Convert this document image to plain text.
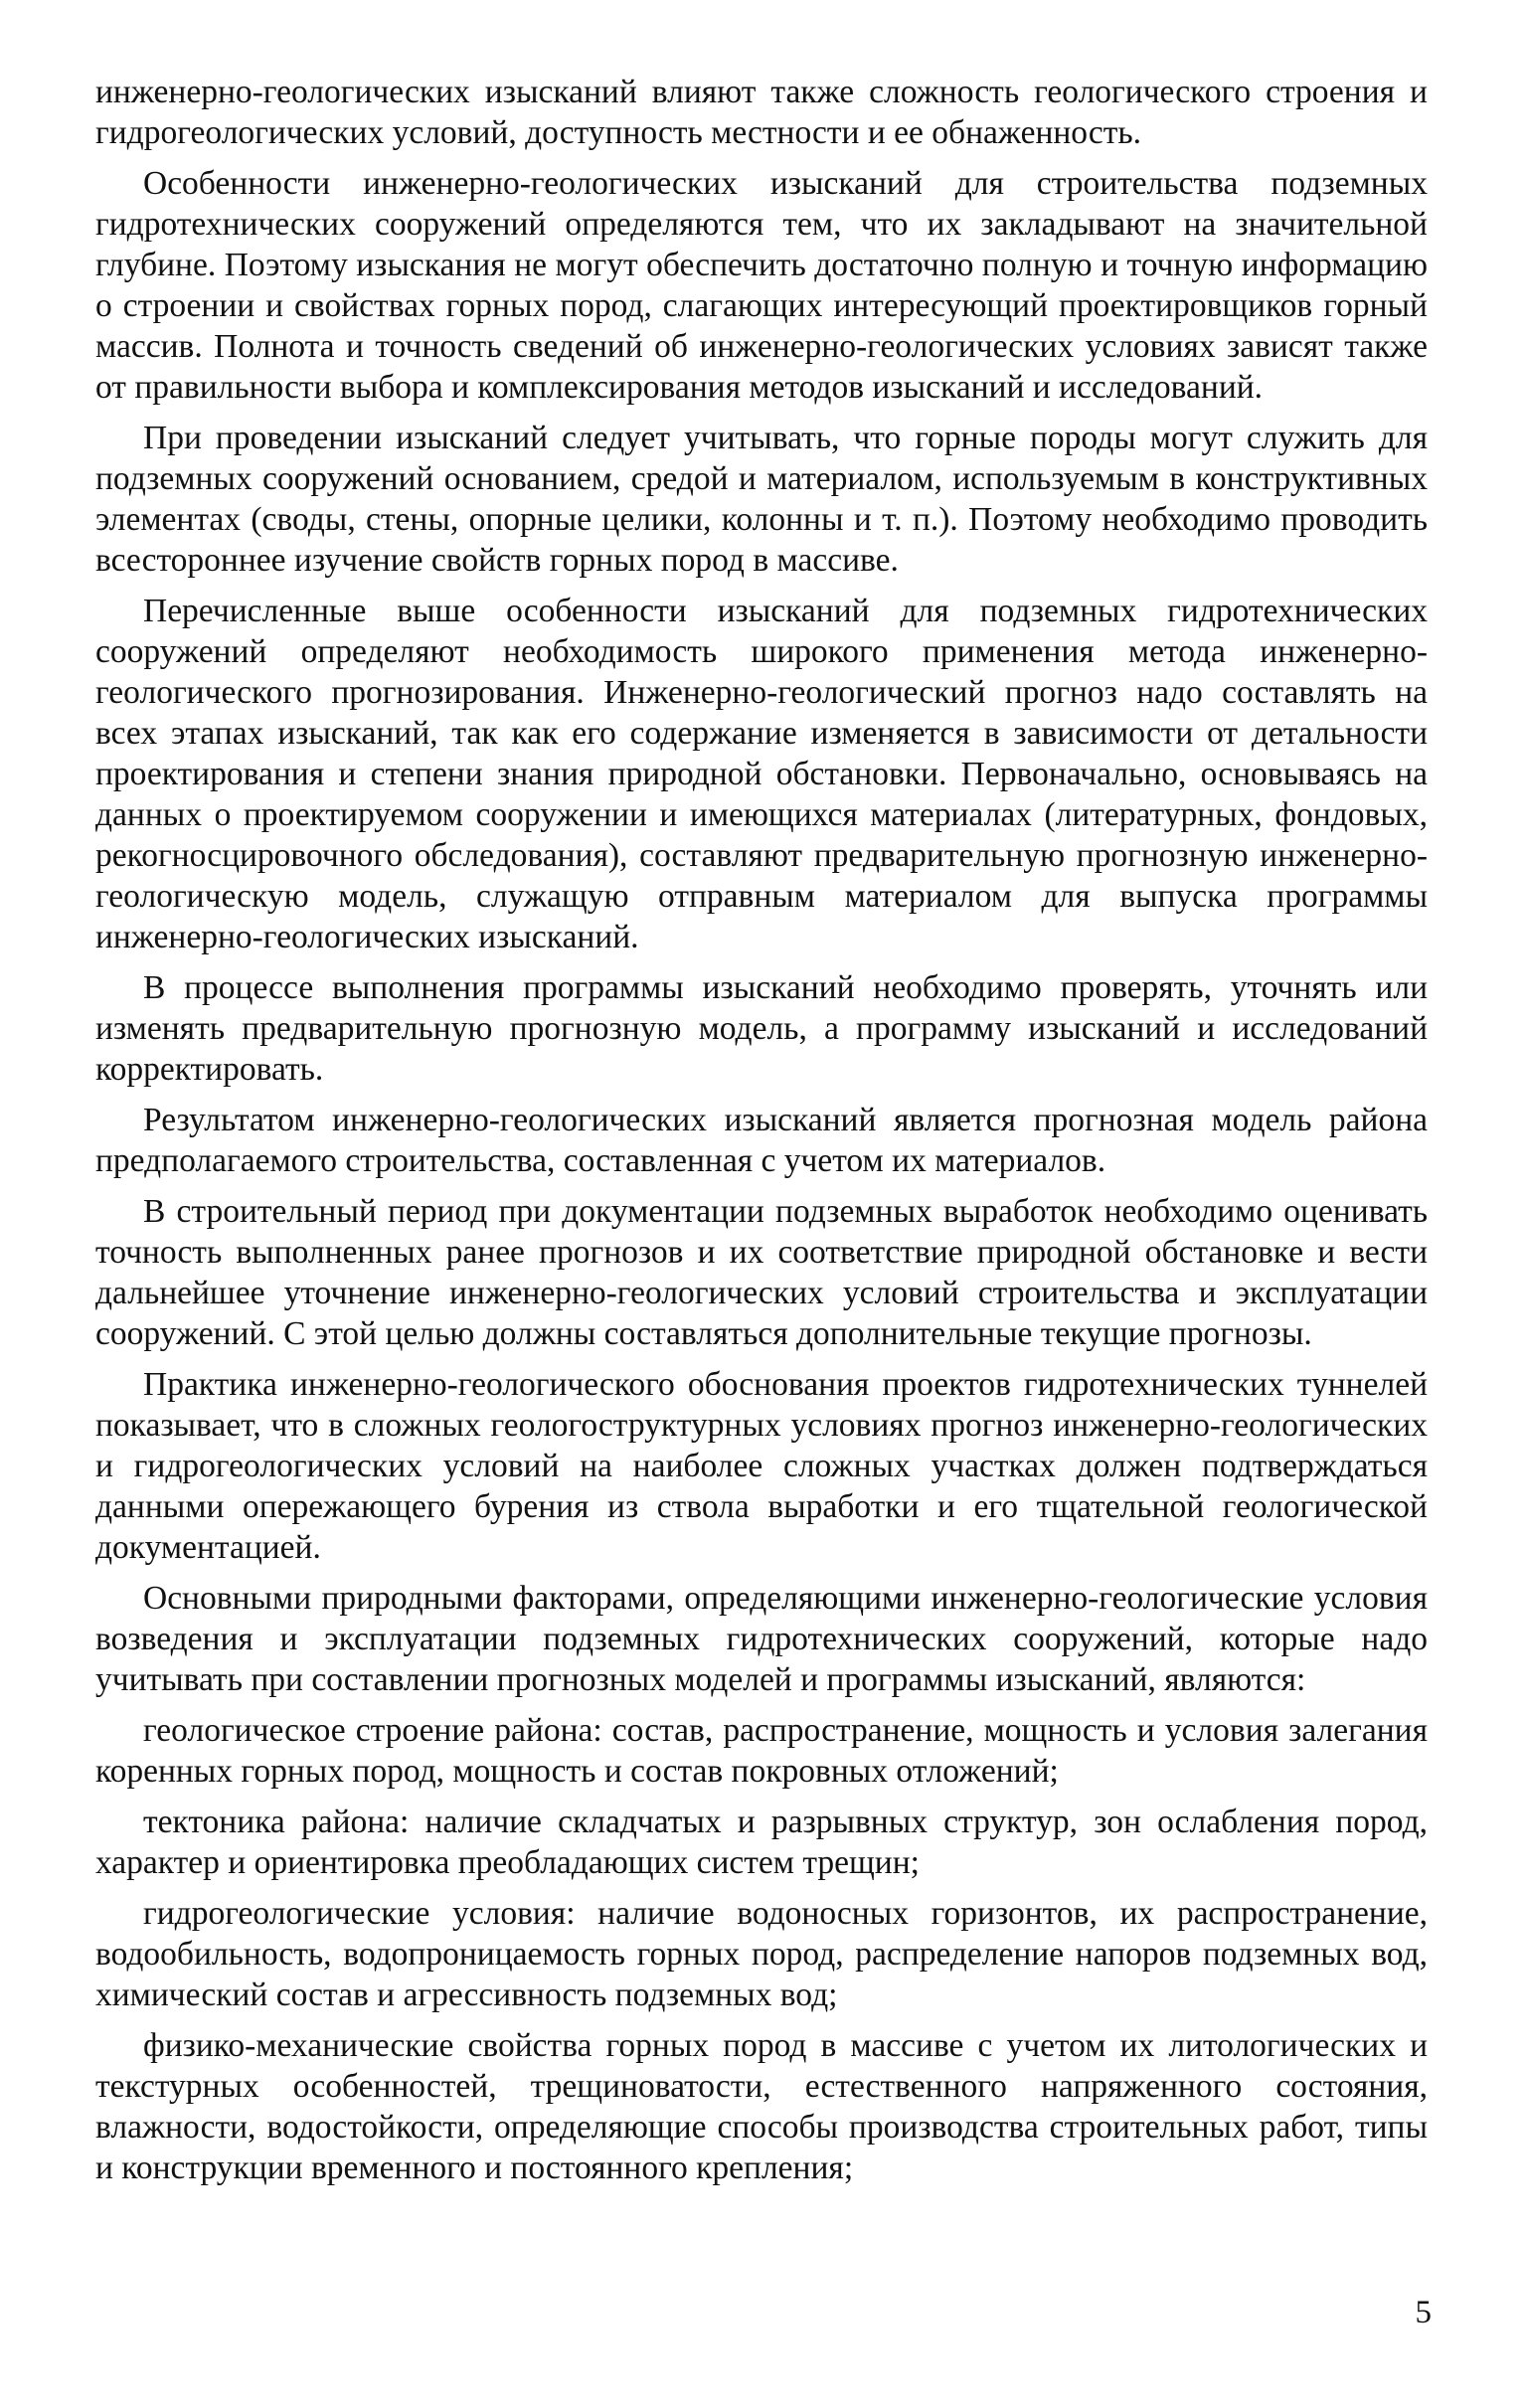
инженерно-геологических изысканий влияют также сложность геологического строения и гидрогеологических условий, доступность местности и ее обнаженность.

Особенности инженерно-геологических изысканий для строительства подземных гидротехнических сооружений определяются тем, что их закладывают на значительной глубине. Поэтому изыскания не могут обеспечить достаточно полную и точную информацию о строении и свойствах горных пород, слагающих интересующий проектировщиков горный массив. Полнота и точность сведений об инженерно-геологических условиях зависят также от правильности выбора и комплексирования методов изысканий и исследований.

При проведении изысканий следует учитывать, что горные породы могут служить для подземных сооружений основанием, средой и материалом, используемым в конструктивных элементах (своды, стены, опорные целики, колонны и т. п.). Поэтому необходимо проводить всестороннее изучение свойств горных пород в массиве.

Перечисленные выше особенности изысканий для подземных гидротехнических сооружений определяют необходимость широкого применения метода инженерно-геологического прогнозирования. Инженерно-геологический прогноз надо составлять на всех этапах изысканий, так как его содержание изменяется в зависимости от детальности проектирования и степени знания природной обстановки. Первоначально, основываясь на данных о проектируемом сооружении и имеющихся материалах (литературных, фондовых, рекогносцировочного обследования), составляют предварительную прогнозную инженерно-геологическую модель, служащую отправным материалом для выпуска программы инженерно-геологических изысканий.

В процессе выполнения программы изысканий необходимо проверять, уточнять или изменять предварительную прогнозную модель, а программу изысканий и исследований корректировать.

Результатом инженерно-геологических изысканий является прогнозная модель района предполагаемого строительства, составленная с учетом их материалов.

В строительный период при документации подземных выработок необходимо оценивать точность выполненных ранее прогнозов и их соответствие природной обстановке и вести дальнейшее уточнение инженерно-геологических условий строительства и эксплуатации сооружений. С этой целью должны составляться дополнительные текущие прогнозы.

Практика инженерно-геологического обоснования проектов гидротехнических туннелей показывает, что в сложных геологоструктурных условиях прогноз инженерно-геологических и гидрогеологических условий на наиболее сложных участках должен подтверждаться данными опережающего бурения из ствола выработки и его тщательной геологической документацией.

Основными природными факторами, определяющими инженерно-геологические условия возведения и эксплуатации подземных гидротехнических сооружений, которые надо учитывать при составлении прогнозных моделей и программы изысканий, являются:

геологическое строение района: состав, распространение, мощность и условия залегания коренных горных пород, мощность и состав покровных отложений;

тектоника района: наличие складчатых и разрывных структур, зон ослабления пород, характер и ориентировка преобладающих систем трещин;

гидрогеологические условия: наличие водоносных горизонтов, их распространение, водообильность, водопроницаемость горных пород, распределение напоров подземных вод, химический состав и агрессивность подземных вод;

физико-механические свойства горных пород в массиве с учетом их литологических и текстурных особенностей, трещиноватости, естественного напряженного состояния, влажности, водостойкости, определяющие способы производства строительных работ, типы и конструкции временного и постоянного крепления;

5
